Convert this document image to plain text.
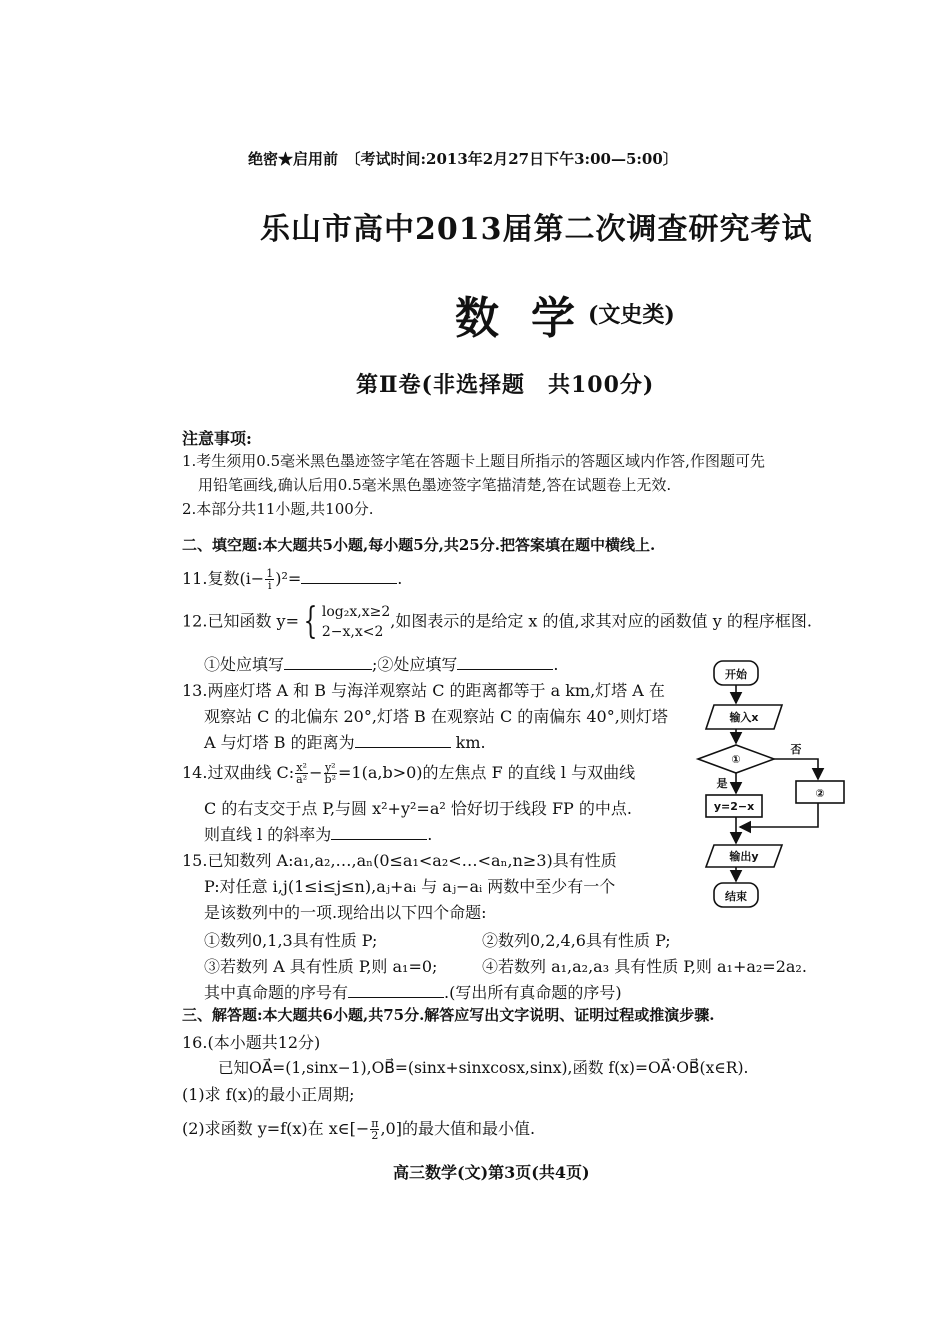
绝密★启用前　〔考试时间:2013年2月27日下午3:00—5:00〕
乐山市高中2013届第二次调查研究考试
数学
(文史类)
第Ⅱ卷(非选择题　共100分)
注意事项:
1.考生须用0.5毫米黑色墨迹签字笔在答题卡上题目所指示的答题区域内作答,作图题可先
用铅笔画线,确认后用0.5毫米黑色墨迹签字笔描清楚,答在试题卷上无效.
2.本部分共11小题,共100分.
二、填空题:本大题共5小题,每小题5分,共25分.把答案填在题中横线上.
11.复数$(i- \frac{1}{i} )^2=$	.
12.已知函数 y= { log₂x,x≥2
2−x,x<2
,如图表示的是给定 x 的值,求其对应的函数值 y 的程序框图.
①处应填写	;②处应填写	.
13.两座灯塔 A 和 B 与海洋观察站 C 的距离都等于 a km,灯塔 A 在
观察站 C 的北偏东 20°,灯塔 B 在观察站 C 的南偏东 40°,则灯塔
A 与灯塔 B 的距离为	km.
14.过双曲线 C: $\frac{\text{x²}}{\text{a²}} - \frac{\text{y²}}{\text{b²}} =1(a,b>0)$的左焦点 F 的直线 l 与双曲线
C 的右支交于点 P,与圆 x²+y²=a² 恰好切于线段 FP 的中点.
则直线 l 的斜率为	.
15.已知数列 A:a₁,a₂,…,aₙ(0≤a₁<a₂<…<aₙ,n≥3)具有性质
P:对任意 i,j(1≤i≤j≤n),aⱼ+aᵢ 与 aⱼ−aᵢ 两数中至少有一个
是该数列中的一项.现给出以下四个命题:
①数列0,1,3具有性质 P;	②数列0,2,4,6具有性质 P;
③若数列 A 具有性质 P,则 a₁=0;	④若数列 a₁,a₂,a₃ 具有性质 P,则 a₁+a₂=2a₂.
其中真命题的序号有	.(写出所有真命题的序号)
三、解答题:本大题共6小题,共75分.解答应写出文字说明、证明过程或推演步骤.
16.(本小题共12分)
已知OA⃗=(1,sinx−1),OB⃗=(sinx+sinxcosx,sinx),函数 f(x)=OA⃗·OB⃗(x∈R).
(1)求 f(x)的最小正周期;
(2)求函数 y=f(x)在 x∈[− $\frac{\pi}{2} ,0$]的最大值和最小值.
开始
输入x
①
否
是
y=2−x
②
输出y
结束
高三数学(文)第3页(共4页)
